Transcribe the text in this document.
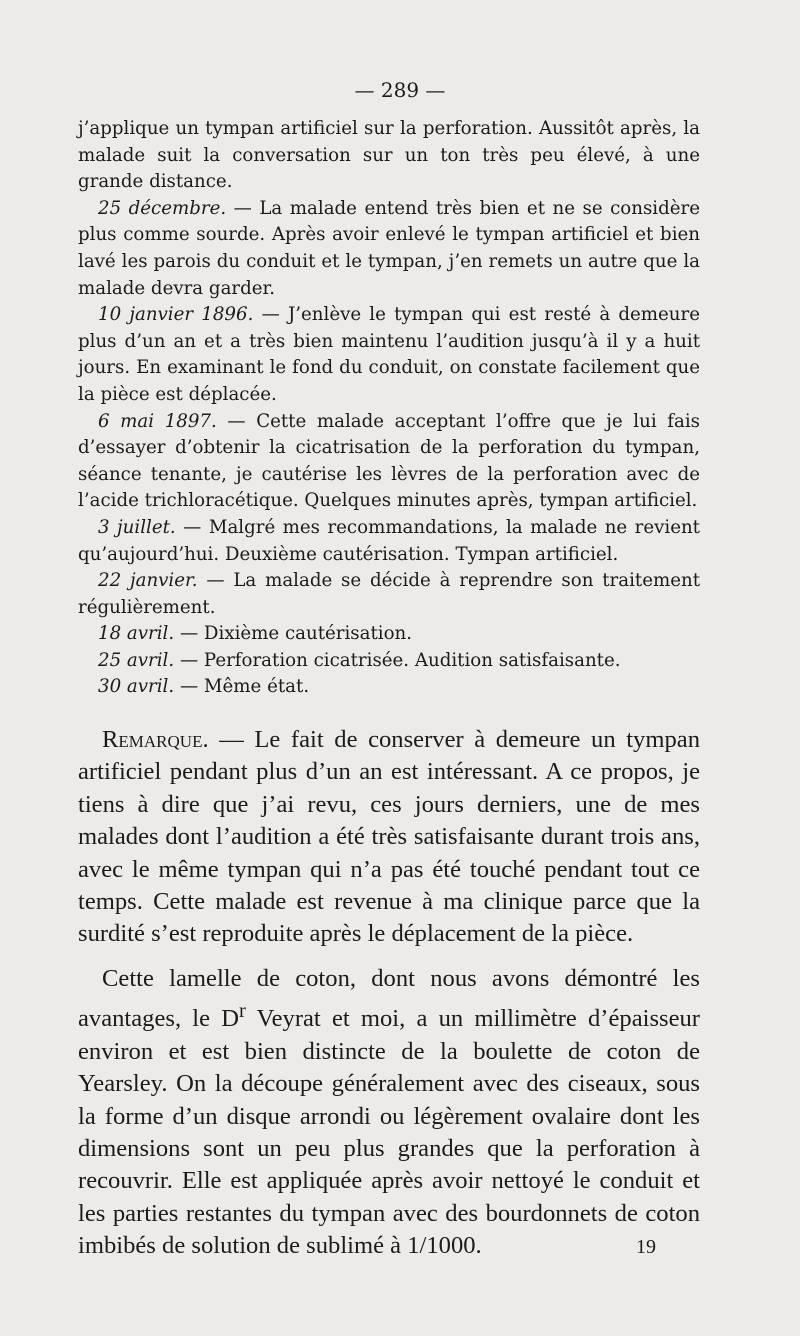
— 289 —

j’applique un tympan artificiel sur la perforation. Aussitôt après, la malade suit la conversation sur un ton très peu élevé, à une grande distance.

25 décembre. — La malade entend très bien et ne se considère plus comme sourde. Après avoir enlevé le tympan artificiel et bien lavé les parois du conduit et le tympan, j’en remets un autre que la malade devra garder.

10 janvier 1896. — J’enlève le tympan qui est resté à demeure plus d’un an et a très bien maintenu l’audition jusqu’à il y a huit jours. En examinant le fond du conduit, on constate facilement que la pièce est déplacée.

6 mai 1897. — Cette malade acceptant l’offre que je lui fais d’essayer d’obtenir la cicatrisation de la perforation du tympan, séance tenante, je cautérise les lèvres de la perforation avec de l’acide trichloracétique. Quelques minutes après, tympan artificiel.

3 juillet. — Malgré mes recommandations, la malade ne revient qu’aujourd’hui. Deuxième cautérisation. Tympan artificiel.

22 janvier. — La malade se décide à reprendre son traitement régulièrement.

18 avril. — Dixième cautérisation.

25 avril. — Perforation cicatrisée. Audition satisfaisante.

30 avril. — Même état.

Remarque. — Le fait de conserver à demeure un tympan artificiel pendant plus d’un an est intéressant. A ce propos, je tiens à dire que j’ai revu, ces jours derniers, une de mes malades dont l’audition a été très satisfaisante durant trois ans, avec le même tympan qui n’a pas été touché pendant tout ce temps. Cette malade est revenue à ma clinique parce que la surdité s’est reproduite après le déplacement de la pièce.

Cette lamelle de coton, dont nous avons démontré les avantages, le $D^r$ Veyrat et moi, a un millimètre d’épaisseur environ et est bien distincte de la boulette de coton de Yearsley. On la découpe généralement avec des ciseaux, sous la forme d’un disque arrondi ou légèrement ovalaire dont les dimensions sont un peu plus grandes que la perforation à recouvrir. Elle est appliquée après avoir nettoyé le conduit et les parties restantes du tympan avec des bourdonnets de coton imbibés de solution de sublimé à 1/1000.	19
